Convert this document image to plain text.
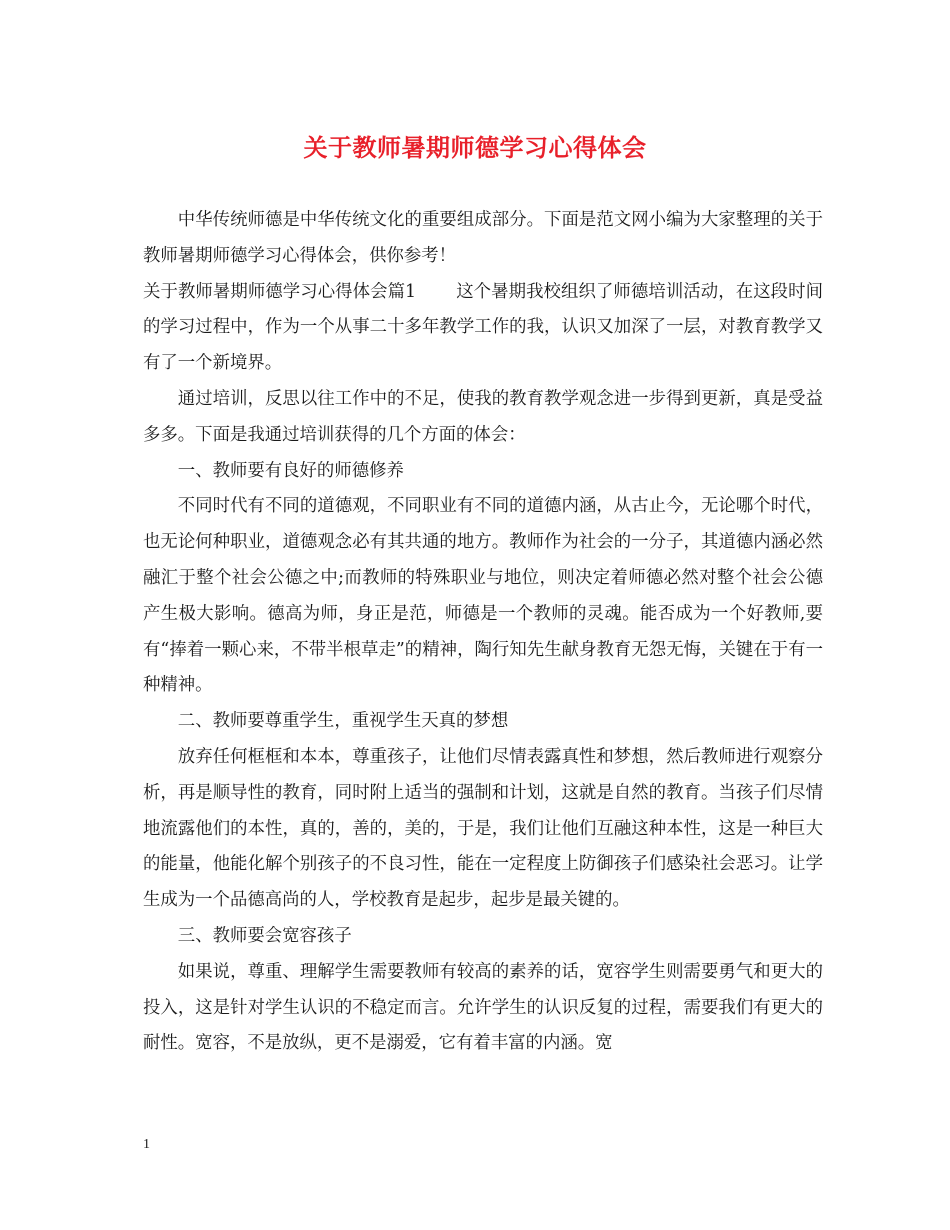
关于教师暑期师德学习心得体会

中华传统师德是中华传统文化的重要组成部分。下面是范文网小编为大家整理的关于教师暑期师德学习心得体会，供你参考！

关于教师暑期师德学习心得体会篇1 这个暑期我校组织了师德培训活动，在这段时间的学习过程中，作为一个从事二十多年教学工作的我，认识又加深了一层，对教育教学又有了一个新境界。

通过培训，反思以往工作中的不足，使我的教育教学观念进一步得到更新，真是受益多多。下面是我通过培训获得的几个方面的体会：

一、教师要有良好的师德修养

不同时代有不同的道德观，不同职业有不同的道德内涵，从古止今，无论哪个时代，也无论何种职业，道德观念必有其共通的地方。教师作为社会的一分子，其道德内涵必然融汇于整个社会公德之中;而教师的特殊职业与地位，则决定着师德必然对整个社会公德产生极大影响。德高为师，身正是范，师德是一个教师的灵魂。能否成为一个好教师,要有“捧着一颗心来，不带半根草走”的精神，陶行知先生献身教育无怨无悔，关键在于有一种精神。

二、教师要尊重学生，重视学生天真的梦想

放弃任何框框和本本，尊重孩子，让他们尽情表露真性和梦想，然后教师进行观察分析，再是顺导性的教育，同时附上适当的强制和计划，这就是自然的教育。当孩子们尽情地流露他们的本性，真的，善的，美的，于是，我们让他们互融这种本性，这是一种巨大的能量，他能化解个别孩子的不良习性，能在一定程度上防御孩子们感染社会恶习。让学生成为一个品德高尚的人，学校教育是起步，起步是最关键的。

三、教师要会宽容孩子

如果说，尊重、理解学生需要教师有较高的素养的话，宽容学生则需要勇气和更大的投入，这是针对学生认识的不稳定而言。允许学生的认识反复的过程，需要我们有更大的耐性。宽容，不是放纵，更不是溺爱，它有着丰富的内涵。宽

1
